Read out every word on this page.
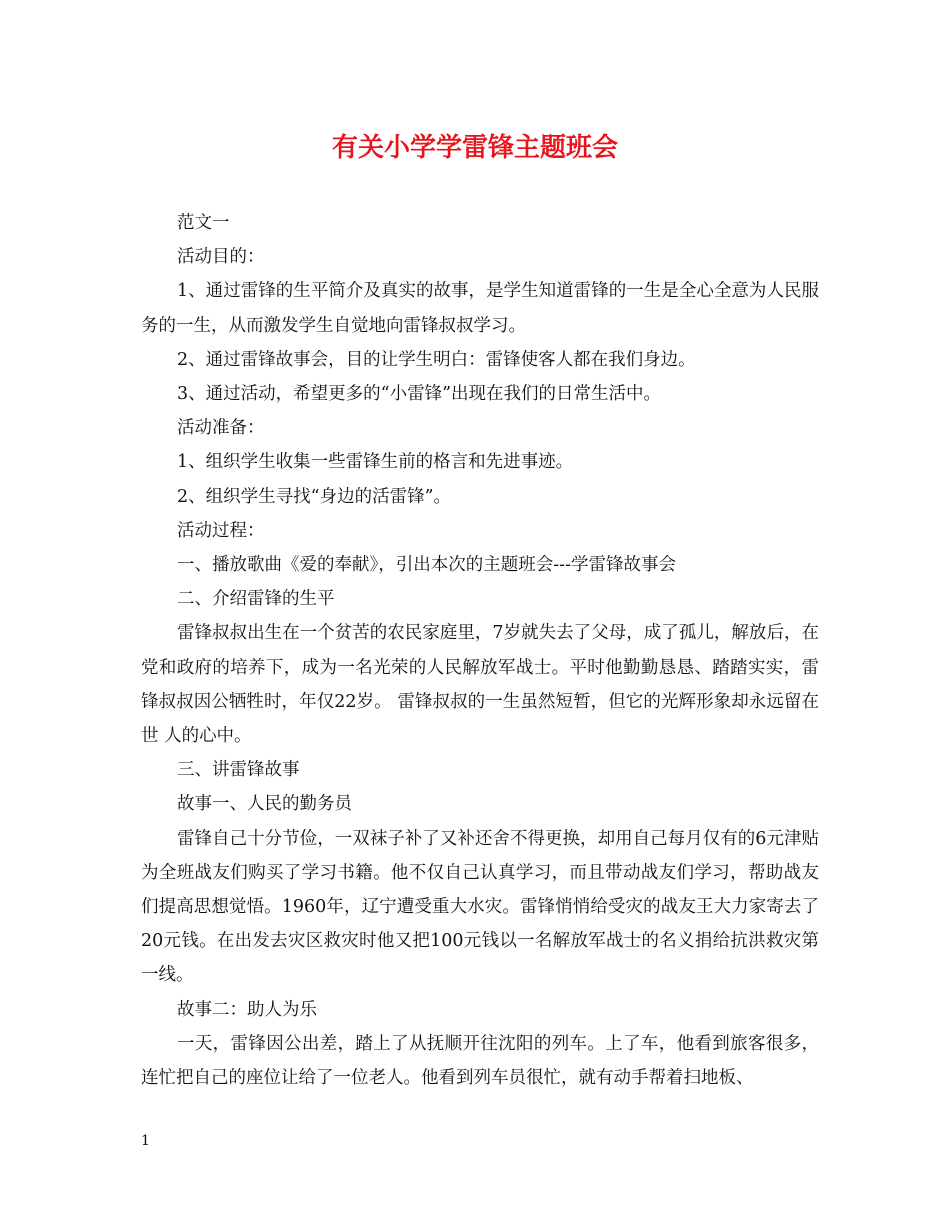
有关小学学雷锋主题班会

范文一

活动目的：

1、通过雷锋的生平简介及真实的故事，是学生知道雷锋的一生是全心全意为人民服务的一生，从而激发学生自觉地向雷锋叔叔学习。

2、通过雷锋故事会，目的让学生明白：雷锋使客人都在我们身边。

3、通过活动，希望更多的“小雷锋”出现在我们的日常生活中。

活动准备：

1、组织学生收集一些雷锋生前的格言和先进事迹。

2、组织学生寻找“身边的活雷锋”。

活动过程：

一、播放歌曲《爱的奉献》，引出本次的主题班会---学雷锋故事会

二、介绍雷锋的生平

雷锋叔叔出生在一个贫苦的农民家庭里，7岁就失去了父母，成了孤儿，解放后，在党和政府的培养下，成为一名光荣的人民解放军战士。平时他勤勤恳恳、踏踏实实，雷锋叔叔因公牺牲时，年仅22岁。 雷锋叔叔的一生虽然短暂，但它的光辉形象却永远留在世 人的心中。

三、讲雷锋故事

故事一、人民的勤务员

雷锋自己十分节俭，一双袜子补了又补还舍不得更换，却用自己每月仅有的6元津贴为全班战友们购买了学习书籍。他不仅自己认真学习，而且带动战友们学习，帮助战友们提高思想觉悟。1960年，辽宁遭受重大水灾。雷锋悄悄给受灾的战友王大力家寄去了20元钱。在出发去灾区救灾时他又把100元钱以一名解放军战士的名义捐给抗洪救灾第一线。

故事二：助人为乐

一天，雷锋因公出差，踏上了从抚顺开往沈阳的列车。上了车，他看到旅客很多，连忙把自己的座位让给了一位老人。他看到列车员很忙，就有动手帮着扫地板、

1
